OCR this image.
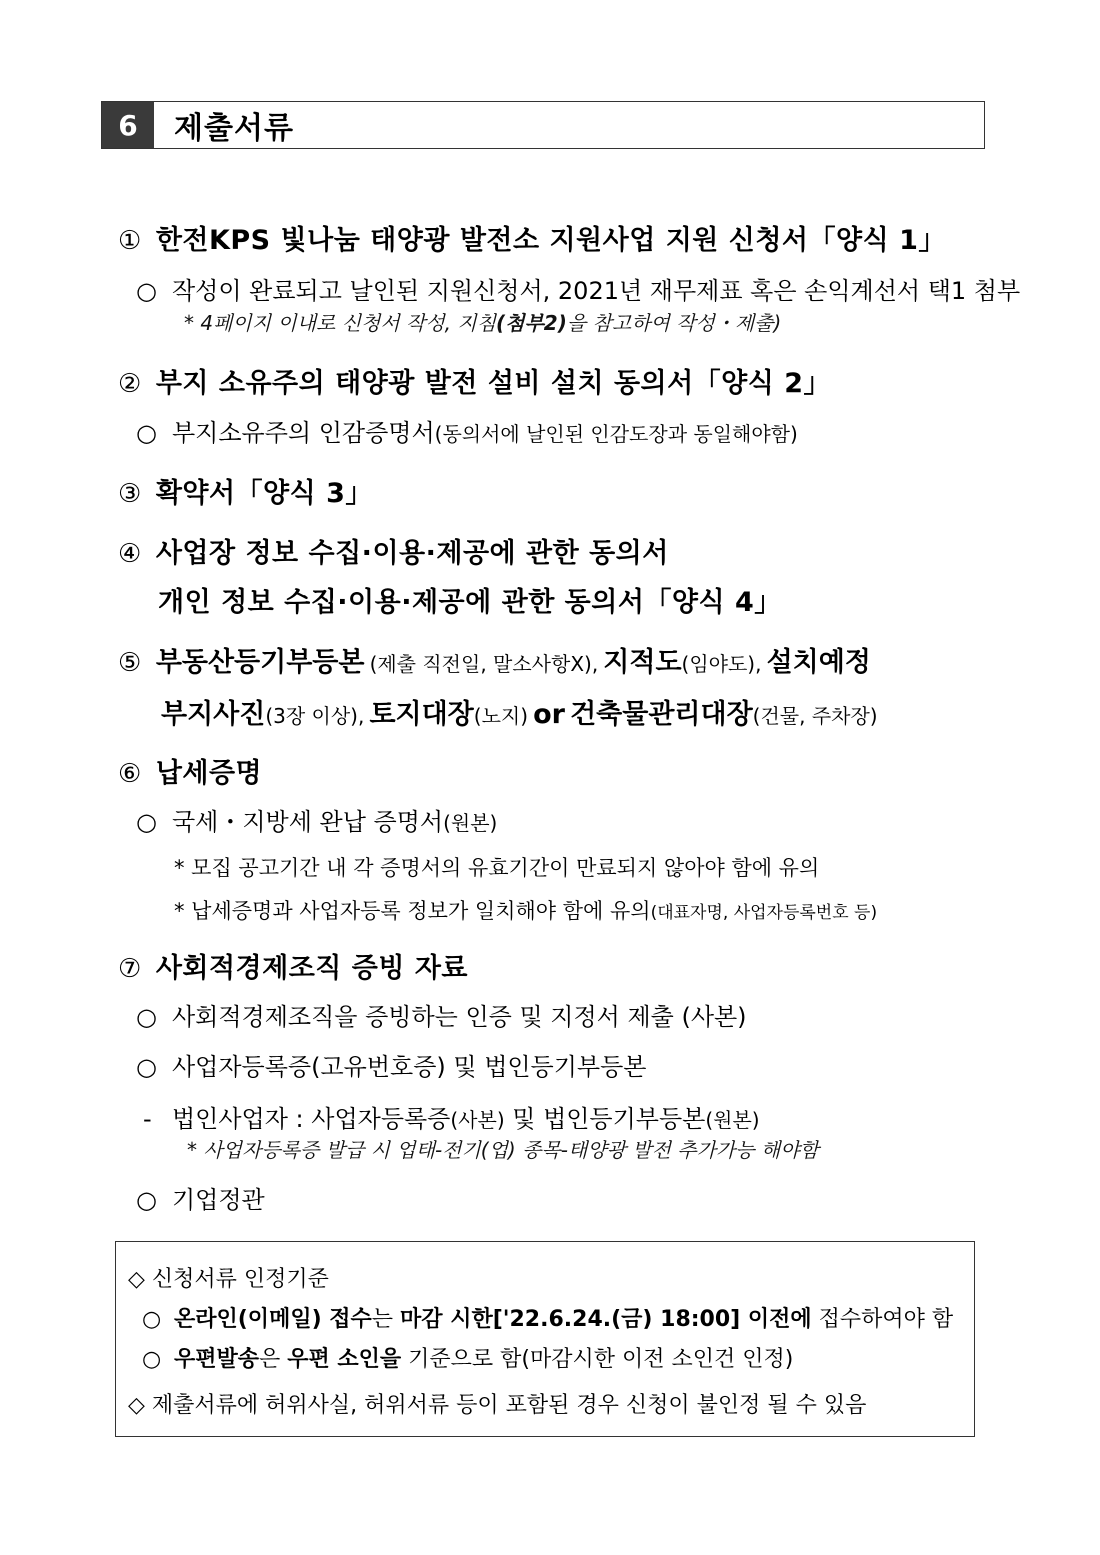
6	제출서류
① 한전KPS 빛나눔 태양광 발전소 지원사업 지원 신청서「양식 1」
○ 작성이 완료되고 날인된 지원신청서, 2021년 재무제표 혹은 손익계선서 택1 첨부
* 4페이지 이내로 신청서 작성, 지침(첨부2)을 참고하여 작성・제출)
② 부지 소유주의 태양광 발전 설비 설치 동의서「양식 2」
○ 부지소유주의 인감증명서(동의서에 날인된 인감도장과 동일해야함)
③ 확약서「양식 3」
④ 사업장 정보 수집·이용·제공에 관한 동의서
개인 정보 수집·이용·제공에 관한 동의서「양식 4」
⑤ 부동산등기부등본 (제출 직전일, 말소사항X), 지적도(임야도), 설치예정
부지사진(3장 이상), 토지대장(노지) or 건축물관리대장(건물, 주차장)
⑥ 납세증명
○ 국세・지방세 완납 증명서(원본)
* 모집 공고기간 내 각 증명서의 유효기간이 만료되지 않아야 함에 유의
* 납세증명과 사업자등록 정보가 일치해야 함에 유의(대표자명, 사업자등록번호 등)
⑦ 사회적경제조직 증빙 자료
○ 사회적경제조직을 증빙하는 인증 및 지정서 제출 (사본)
○ 사업자등록증(고유번호증) 및 법인등기부등본
- 법인사업자 : 사업자등록증(사본) 및 법인등기부등본(원본)
* 사업자등록증 발급 시 업태-전기(업) 종목-태양광 발전 추가가능 해야함
○ 기업정관
◇ 신청서류 인정기준
○ 온라인(이메일) 접수는 마감 시한['22.6.24.(금) 18:00] 이전에 접수하여야 함
○ 우편발송은 우편 소인을 기준으로 함(마감시한 이전 소인건 인정)
◇ 제출서류에 허위사실, 허위서류 등이 포함된 경우 신청이 불인정 될 수 있음
